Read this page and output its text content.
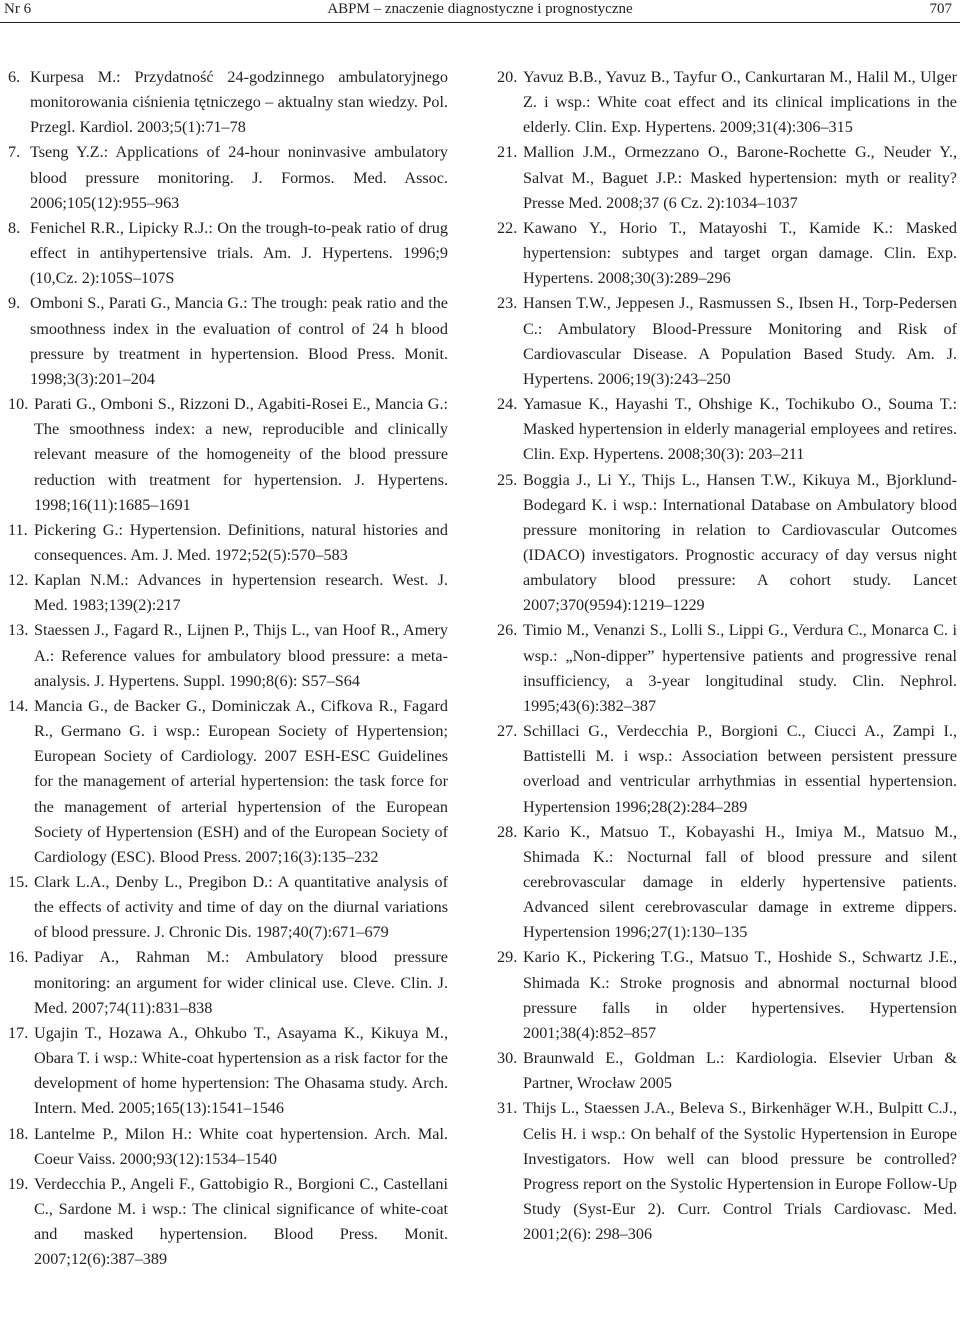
Nr 6	ABPM – znaczenie diagnostyczne i prognostyczne	707
6. Kurpesa M.: Przydatność 24-godzinnego ambulatoryjnego monitorowania ciśnienia tętniczego – aktualny stan wiedzy. Pol. Przegl. Kardiol. 2003;5(1):71–78
7. Tseng Y.Z.: Applications of 24-hour noninvasive ambulatory blood pressure monitoring. J. Formos. Med. Assoc. 2006;105(12):955–963
8. Fenichel R.R., Lipicky R.J.: On the trough-to-peak ratio of drug effect in antihypertensive trials. Am. J. Hypertens. 1996;9 (10,Cz. 2):105S–107S
9. Omboni S., Parati G., Mancia G.: The trough: peak ratio and the smoothness index in the evaluation of control of 24 h blood pressure by treatment in hypertension. Blood Press. Monit. 1998;3(3):201–204
10. Parati G., Omboni S., Rizzoni D., Agabiti-Rosei E., Mancia G.: The smoothness index: a new, reproducible and clinically relevant measure of the homogeneity of the blood pressure reduction with treatment for hypertension. J. Hypertens. 1998;16(11):1685–1691
11. Pickering G.: Hypertension. Definitions, natural histories and consequences. Am. J. Med. 1972;52(5):570–583
12. Kaplan N.M.: Advances in hypertension research. West. J. Med. 1983;139(2):217
13. Staessen J., Fagard R., Lijnen P., Thijs L., van Hoof R., Amery A.: Reference values for ambulatory blood pressure: a meta-analysis. J. Hypertens. Suppl. 1990;8(6): S57–S64
14. Mancia G., de Backer G., Dominiczak A., Cifkova R., Fagard R., Germano G. i wsp.: European Society of Hypertension; European Society of Cardiology. 2007 ESH-ESC Guidelines for the management of arterial hypertension: the task force for the management of arterial hypertension of the European Society of Hypertension (ESH) and of the European Society of Cardiology (ESC). Blood Press. 2007;16(3):135–232
15. Clark L.A., Denby L., Pregibon D.: A quantitative analysis of the effects of activity and time of day on the diurnal variations of blood pressure. J. Chronic Dis. 1987;40(7):671–679
16. Padiyar A., Rahman M.: Ambulatory blood pressure monitoring: an argument for wider clinical use. Cleve. Clin. J. Med. 2007;74(11):831–838
17. Ugajin T., Hozawa A., Ohkubo T., Asayama K., Kikuya M., Obara T. i wsp.: White-coat hypertension as a risk factor for the development of home hypertension: The Ohasama study. Arch. Intern. Med. 2005;165(13):1541–1546
18. Lantelme P., Milon H.: White coat hypertension. Arch. Mal. Coeur Vaiss. 2000;93(12):1534–1540
19. Verdecchia P., Angeli F., Gattobigio R., Borgioni C., Castellani C., Sardone M. i wsp.: The clinical significance of white-coat and masked hypertension. Blood Press. Monit. 2007;12(6):387–389
20. Yavuz B.B., Yavuz B., Tayfur O., Cankurtaran M., Halil M., Ulger Z. i wsp.: White coat effect and its clinical implications in the elderly. Clin. Exp. Hypertens. 2009;31(4):306–315
21. Mallion J.M., Ormezzano O., Barone-Rochette G., Neuder Y., Salvat M., Baguet J.P.: Masked hypertension: myth or reality? Presse Med. 2008;37 (6 Cz. 2):1034–1037
22. Kawano Y., Horio T., Matayoshi T., Kamide K.: Masked hypertension: subtypes and target organ damage. Clin. Exp. Hypertens. 2008;30(3):289–296
23. Hansen T.W., Jeppesen J., Rasmussen S., Ibsen H., Torp-Pedersen C.: Ambulatory Blood-Pressure Monitoring and Risk of Cardiovascular Disease. A Population Based Study. Am. J. Hypertens. 2006;19(3):243–250
24. Yamasue K., Hayashi T., Ohshige K., Tochikubo O., Souma T.: Masked hypertension in elderly managerial employees and retires. Clin. Exp. Hypertens. 2008;30(3): 203–211
25. Boggia J., Li Y., Thijs L., Hansen T.W., Kikuya M., Bjorklund-Bodegard K. i wsp.: International Database on Ambulatory blood pressure monitoring in relation to Cardiovascular Outcomes (IDACO) investigators. Prognostic accuracy of day versus night ambulatory blood pressure: A cohort study. Lancet 2007;370(9594):1219–1229
26. Timio M., Venanzi S., Lolli S., Lippi G., Verdura C., Monarca C. i wsp.: „Non-dipper” hypertensive patients and progressive renal insufficiency, a 3-year longitudinal study. Clin. Nephrol. 1995;43(6):382–387
27. Schillaci G., Verdecchia P., Borgioni C., Ciucci A., Zampi I., Battistelli M. i wsp.: Association between persistent pressure overload and ventricular arrhythmias in essential hypertension. Hypertension 1996;28(2):284–289
28. Kario K., Matsuo T., Kobayashi H., Imiya M., Matsuo M., Shimada K.: Nocturnal fall of blood pressure and silent cerebrovascular damage in elderly hypertensive patients. Advanced silent cerebrovascular damage in extreme dippers. Hypertension 1996;27(1):130–135
29. Kario K., Pickering T.G., Matsuo T., Hoshide S., Schwartz J.E., Shimada K.: Stroke prognosis and abnormal nocturnal blood pressure falls in older hypertensives. Hypertension 2001;38(4):852–857
30. Braunwald E., Goldman L.: Kardiologia. Elsevier Urban & Partner, Wrocław 2005
31. Thijs L., Staessen J.A., Beleva S., Birkenhäger W.H., Bulpitt C.J., Celis H. i wsp.: On behalf of the Systolic Hypertension in Europe Investigators. How well can blood pressure be controlled? Progress report on the Systolic Hypertension in Europe Follow-Up Study (Syst-Eur 2). Curr. Control Trials Cardiovasc. Med. 2001;2(6): 298–306
